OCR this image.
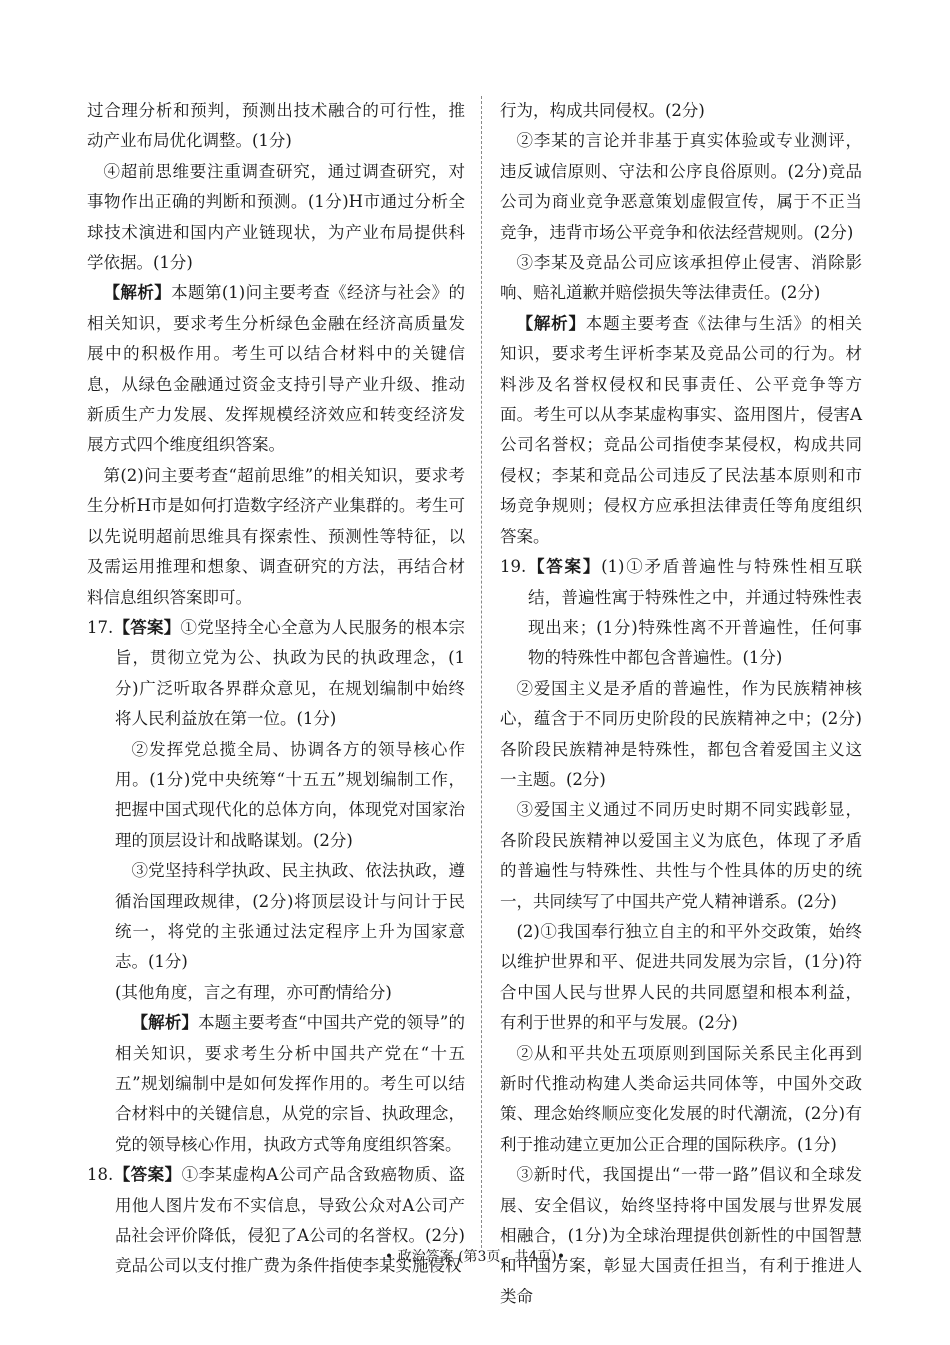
过合理分析和预判，预测出技术融合的可行性，推动产业布局优化调整。(1分)

④超前思维要注重调查研究，通过调查研究，对事物作出正确的判断和预测。(1分)H市通过分析全球技术演进和国内产业链现状，为产业布局提供科学依据。(1分)

【解析】本题第(1)问主要考查《经济与社会》的相关知识，要求考生分析绿色金融在经济高质量发展中的积极作用。考生可以结合材料中的关键信息，从绿色金融通过资金支持引导产业升级、推动新质生产力发展、发挥规模经济效应和转变经济发展方式四个维度组织答案。

第(2)问主要考查“超前思维”的相关知识，要求考生分析H市是如何打造数字经济产业集群的。考生可以先说明超前思维具有探索性、预测性等特征，以及需运用推理和想象、调查研究的方法，再结合材料信息组织答案即可。

17.【答案】①党坚持全心全意为人民服务的根本宗旨，贯彻立党为公、执政为民的执政理念，(1分)广泛听取各界群众意见，在规划编制中始终将人民利益放在第一位。(1分)

②发挥党总揽全局、协调各方的领导核心作用。(1分)党中央统筹“十五五”规划编制工作，把握中国式现代化的总体方向，体现党对国家治理的顶层设计和战略谋划。(2分)

③党坚持科学执政、民主执政、依法执政，遵循治国理政规律，(2分)将顶层设计与问计于民统一，将党的主张通过法定程序上升为国家意志。(1分)

(其他角度，言之有理，亦可酌情给分)

【解析】本题主要考查“中国共产党的领导”的相关知识，要求考生分析中国共产党在“十五五”规划编制中是如何发挥作用的。考生可以结合材料中的关键信息，从党的宗旨、执政理念，党的领导核心作用，执政方式等角度组织答案。

18.【答案】①李某虚构A公司产品含致癌物质、盗用他人图片发布不实信息，导致公众对A公司产品社会评价降低，侵犯了A公司的名誉权。(2分)竞品公司以支付推广费为条件指使李某实施侵权

行为，构成共同侵权。(2分)

②李某的言论并非基于真实体验或专业测评，违反诚信原则、守法和公序良俗原则。(2分)竞品公司为商业竞争恶意策划虚假宣传，属于不正当竞争，违背市场公平竞争和依法经营规则。(2分)

③李某及竞品公司应该承担停止侵害、消除影响、赔礼道歉并赔偿损失等法律责任。(2分)

【解析】本题主要考查《法律与生活》的相关知识，要求考生评析李某及竞品公司的行为。材料涉及名誉权侵权和民事责任、公平竞争等方面。考生可以从李某虚构事实、盗用图片，侵害A公司名誉权；竞品公司指使李某侵权，构成共同侵权；李某和竞品公司违反了民法基本原则和市场竞争规则；侵权方应承担法律责任等角度组织答案。

19.【答案】(1)①矛盾普遍性与特殊性相互联结，普遍性寓于特殊性之中，并通过特殊性表现出来；(1分)特殊性离不开普遍性，任何事物的特殊性中都包含普遍性。(1分)

②爱国主义是矛盾的普遍性，作为民族精神核心，蕴含于不同历史阶段的民族精神之中；(2分)各阶段民族精神是特殊性，都包含着爱国主义这一主题。(2分)

③爱国主义通过不同历史时期不同实践彰显，各阶段民族精神以爱国主义为底色，体现了矛盾的普遍性与特殊性、共性与个性具体的历史的统一，共同续写了中国共产党人精神谱系。(2分)

(2)①我国奉行独立自主的和平外交政策，始终以维护世界和平、促进共同发展为宗旨，(1分)符合中国人民与世界人民的共同愿望和根本利益，有利于世界的和平与发展。(2分)

②从和平共处五项原则到国际关系民主化再到新时代推动构建人类命运共同体等，中国外交政策、理念始终顺应变化发展的时代潮流，(2分)有利于推动建立更加公正合理的国际秩序。(1分)

③新时代，我国提出“一带一路”倡议和全球发展、安全倡议，始终坚持将中国发展与世界发展相融合，(1分)为全球治理提供创新性的中国智慧和中国方案，彰显大国责任担当，有利于推进人类命

• 政治答案 (第3页，共4页)•
